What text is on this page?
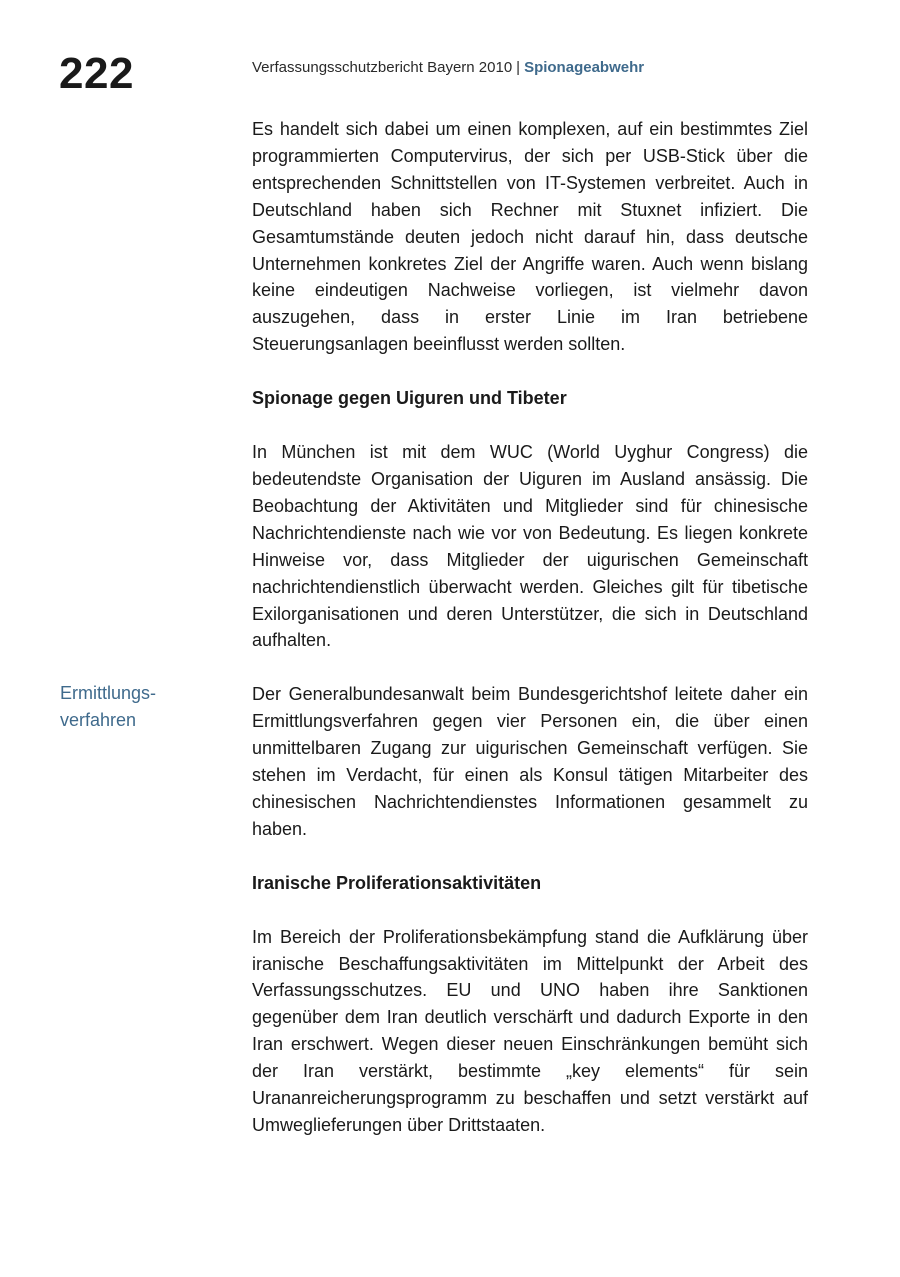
222	Verfassungsschutzbericht Bayern 2010 | Spionageabwehr
Ermittlungs-
verfahren

Es handelt sich dabei um einen komplexen, auf ein bestimmtes Ziel programmierten Computervirus, der sich per USB-Stick über die entsprechenden Schnittstellen von IT-Systemen verbreitet. Auch in Deutschland haben sich Rechner mit Stuxnet infiziert. Die Gesamtumstände deuten jedoch nicht darauf hin, dass deutsche Unternehmen konkretes Ziel der Angriffe waren. Auch wenn bislang keine eindeutigen Nachweise vorliegen, ist vielmehr davon auszugehen, dass in erster Linie im Iran betriebene Steuerungsanlagen beeinflusst werden sollten.

Spionage gegen Uiguren und Tibeter

In München ist mit dem WUC (World Uyghur Congress) die bedeutendste Organisation der Uiguren im Ausland ansässig. Die Beobachtung der Aktivitäten und Mitglieder sind für chinesische Nachrichtendienste nach wie vor von Bedeutung. Es liegen konkrete Hinweise vor, dass Mitglieder der uigurischen Gemeinschaft nachrichtendienstlich überwacht werden. Gleiches gilt für tibetische Exilorganisationen und deren Unterstützer, die sich in Deutschland aufhalten.

Der Generalbundesanwalt beim Bundesgerichtshof leitete daher ein Ermittlungsverfahren gegen vier Personen ein, die über einen unmittelbaren Zugang zur uigurischen Gemeinschaft verfügen. Sie stehen im Verdacht, für einen als Konsul tätigen Mitarbeiter des chinesischen Nachrichtendienstes Informationen gesammelt zu haben.

Iranische Proliferationsaktivitäten

Im Bereich der Proliferationsbekämpfung stand die Aufklärung über iranische Beschaffungsaktivitäten im Mittelpunkt der Arbeit des Verfassungsschutzes. EU und UNO haben ihre Sanktionen gegenüber dem Iran deutlich verschärft und dadurch Exporte in den Iran erschwert. Wegen dieser neuen Einschränkungen bemüht sich der Iran verstärkt, bestimmte „key elements“ für sein Urananreicherungsprogramm zu beschaffen und setzt verstärkt auf Umweglieferungen über Drittstaaten.
